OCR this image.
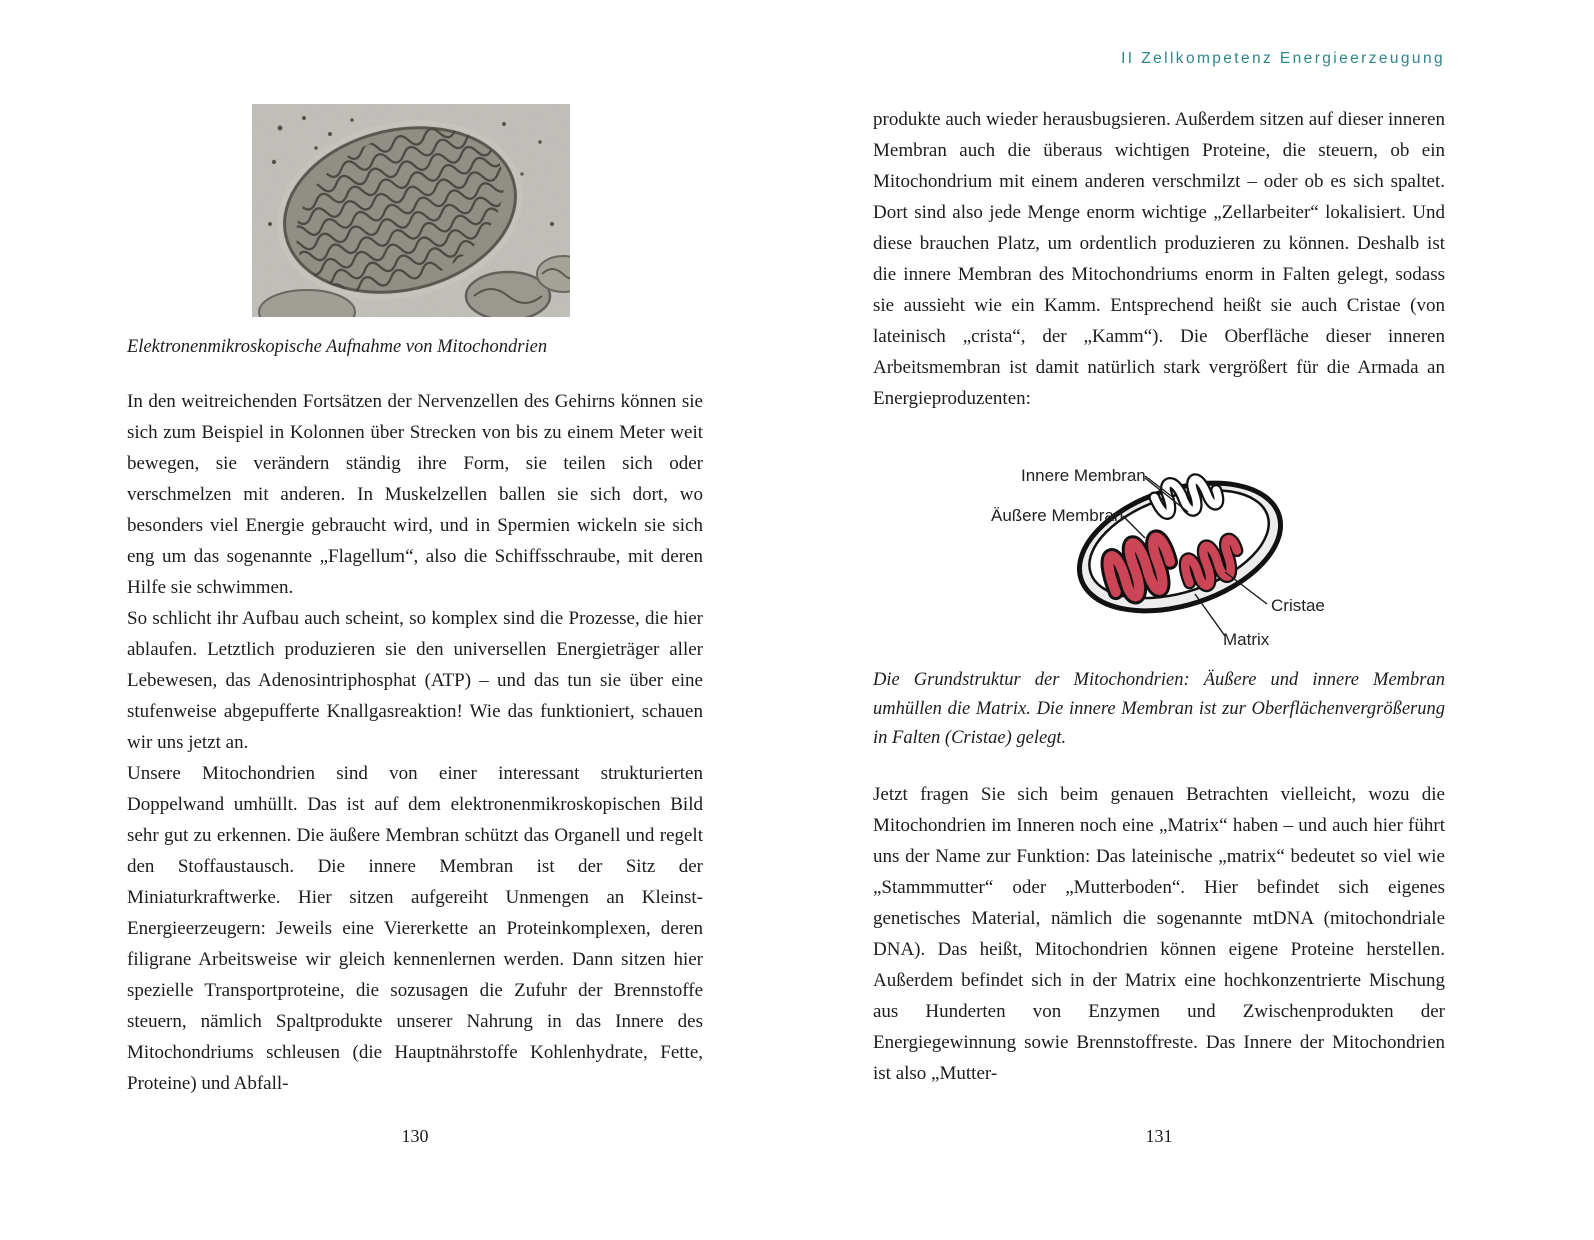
Elektronenmikroskopische Aufnahme von Mitochondrien

In den weitreichenden Fortsätzen der Nervenzellen des Gehirns können sie sich zum Beispiel in Kolonnen über Strecken von bis zu einem Meter weit bewegen, sie verändern ständig ihre Form, sie teilen sich oder verschmelzen mit anderen. In Muskelzellen ballen sie sich dort, wo besonders viel Energie gebraucht wird, und in Spermien wickeln sie sich eng um das sogenannte „Flagellum“, also die Schiffsschraube, mit deren Hilfe sie schwimmen.

So schlicht ihr Aufbau auch scheint, so komplex sind die Prozesse, die hier ablaufen. Letztlich produzieren sie den universellen Energieträger aller Lebewesen, das Adenosintriphosphat (ATP) – und das tun sie über eine stufenweise abgepufferte Knallgasreaktion! Wie das funktioniert, schauen wir uns jetzt an.

Unsere Mitochondrien sind von einer interessant strukturierten Doppelwand umhüllt. Das ist auf dem elektronenmikroskopischen Bild sehr gut zu erkennen. Die äußere Membran schützt das Organell und regelt den Stoffaustausch. Die innere Membran ist der Sitz der Miniaturkraftwerke. Hier sitzen aufgereiht Unmengen an Kleinst-Energieerzeugern: Jeweils eine Viererkette an Proteinkomplexen, deren filigrane Arbeitsweise wir gleich kennenlernen werden. Dann sitzen hier spezielle Transportproteine, die sozusagen die Zufuhr der Brennstoffe steuern, nämlich Spaltprodukte unserer Nahrung in das Innere des Mitochondriums schleusen (die Hauptnährstoffe Kohlenhydrate, Fette, Proteine) und Abfall-

130
II Zellkompetenz Energieerzeugung

produkte auch wieder herausbugsieren. Außerdem sitzen auf dieser inneren Membran auch die überaus wichtigen Proteine, die steuern, ob ein Mitochondrium mit einem anderen verschmilzt – oder ob es sich spaltet. Dort sind also jede Menge enorm wichtige „Zellarbeiter“ lokalisiert. Und diese brauchen Platz, um ordentlich produzieren zu können. Deshalb ist die innere Membran des Mitochondriums enorm in Falten gelegt, sodass sie aussieht wie ein Kamm. Entsprechend heißt sie auch Cristae (von lateinisch „crista“, der „Kamm“). Die Oberfläche dieser inneren Arbeitsmembran ist damit natürlich stark vergrößert für die Armada an Energieproduzenten:

Innere Membran
Äußere Membran
Cristae
Matrix
Die Grundstruktur der Mitochondrien: Äußere und innere Membran umhüllen die Matrix. Die innere Membran ist zur Oberflächenvergrößerung in Falten (Cristae) gelegt.

Jetzt fragen Sie sich beim genauen Betrachten vielleicht, wozu die Mitochondrien im Inneren noch eine „Matrix“ haben – und auch hier führt uns der Name zur Funktion: Das lateinische „matrix“ bedeutet so viel wie „Stammmutter“ oder „Mutterboden“. Hier befindet sich eigenes genetisches Material, nämlich die sogenannte mtDNA (mitochondriale DNA). Das heißt, Mitochondrien können eigene Proteine herstellen. Außerdem befindet sich in der Matrix eine hochkonzentrierte Mischung aus Hunderten von Enzymen und Zwischenprodukten der Energiegewinnung sowie Brennstoffreste. Das Innere der Mitochondrien ist also „Mutter-

131
